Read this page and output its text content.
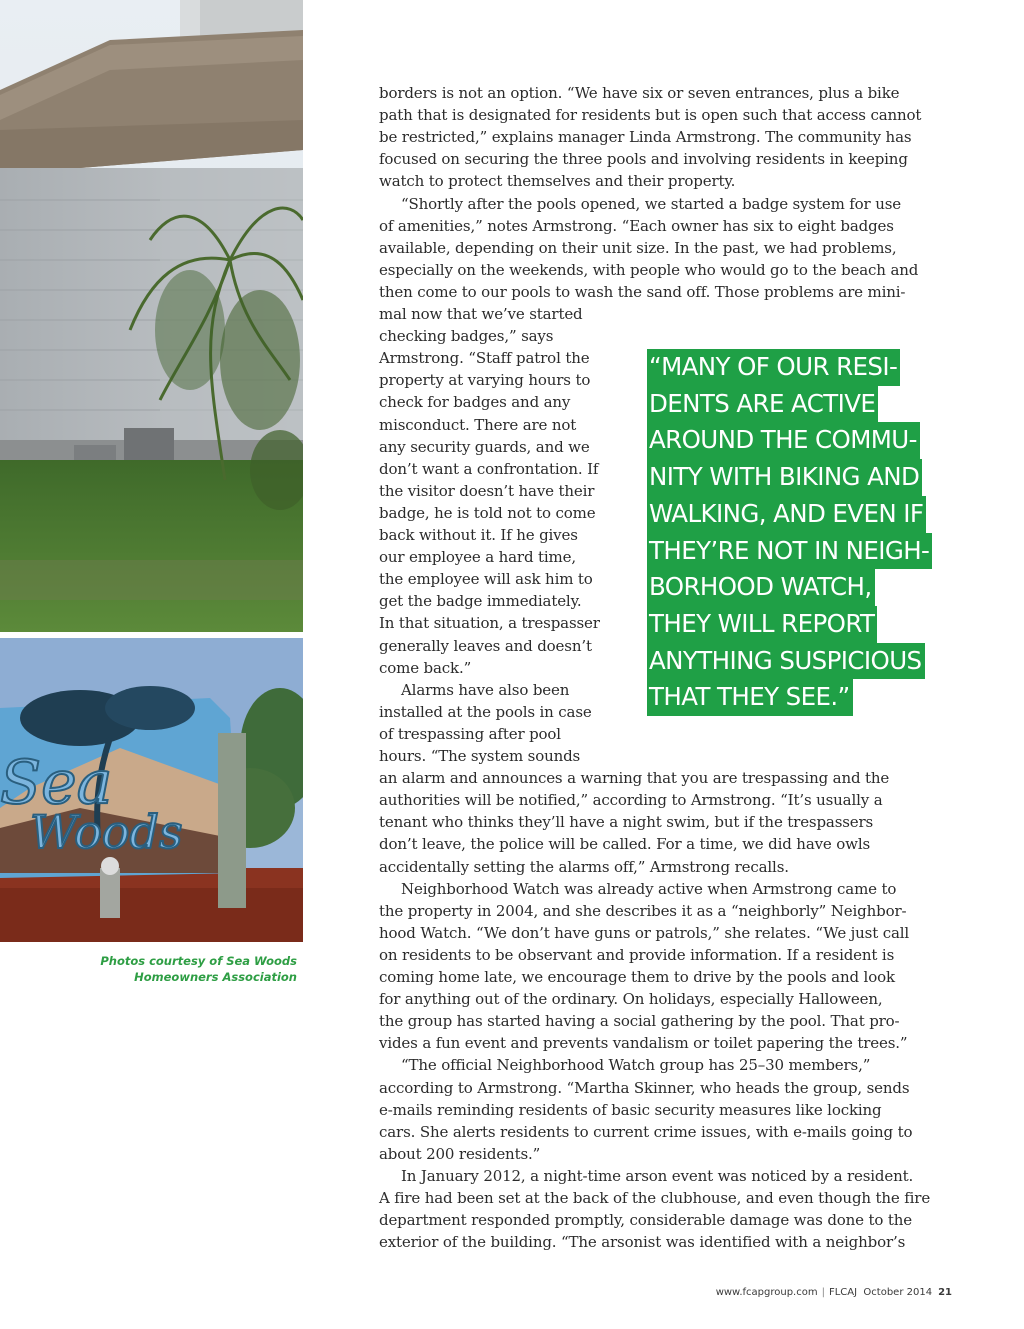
Sea
Woods
Photos courtesy of Sea Woods
Homeowners Association

borders is not an option. “We have six or seven entrances, plus a bike

path that is designated for residents but is open such that access cannot

be restricted,” explains manager Linda Armstrong. The community has

focused on securing the three pools and involving residents in keeping

watch to protect themselves and their property.

“Shortly after the pools opened, we started a badge system for use

of amenities,” notes Armstrong. “Each owner has six to eight badges

available, depending on their unit size. In the past, we had problems,

especially on the weekends, with people who would go to the beach and

then come to our pools to wash the sand off. Those problems are mini-

mal now that we’ve started

checking badges,” says

Armstrong. “Staff patrol the

property at varying hours to

check for badges and any

misconduct. There are not

any security guards, and we

don’t want a confrontation. If

the visitor doesn’t have their

badge, he is told not to come

back without it. If he gives

our employee a hard time,

the employee will ask him to

get the badge immediately.

In that situation, a trespasser

generally leaves and doesn’t

come back.”

Alarms have also been

installed at the pools in case

of trespassing after pool

hours. “The system sounds

an alarm and announces a warning that you are trespassing and the

authorities will be notified,” according to Armstrong. “It’s usually a

tenant who thinks they’ll have a night swim, but if the trespassers

don’t leave, the police will be called. For a time, we did have owls

accidentally setting the alarms off,” Armstrong recalls.

Neighborhood Watch was already active when Armstrong came to

the property in 2004, and she describes it as a “neighborly” Neighbor-

hood Watch. “We don’t have guns or patrols,” she relates. “We just call

on residents to be observant and provide information. If a resident is

coming home late, we encourage them to drive by the pools and look

for anything out of the ordinary. On holidays, especially Halloween,

the group has started having a social gathering by the pool. That pro-

vides a fun event and prevents vandalism or toilet papering the trees.”

“The official Neighborhood Watch group has 25–30 members,”

according to Armstrong. “Martha Skinner, who heads the group, sends

e-mails reminding residents of basic security measures like locking

cars. She alerts residents to current crime issues, with e-mails going to

about 200 residents.”

In January 2012, a night-time arson event was noticed by a resident.

A fire had been set at the back of the clubhouse, and even though the fire

department responded promptly, considerable damage was done to the

exterior of the building. “The arsonist was identified with a neighbor’s

“MANY OF OUR RESI-
DENTS ARE ACTIVE
AROUND THE COMMU-
NITY WITH BIKING AND
WALKING, AND EVEN IF
THEY’RE NOT IN NEIGH-
BORHOOD WATCH,
THEY WILL REPORT
ANYTHING SUSPICIOUS
THAT THEY SEE.”

www.fcapgroup.com | FLCAJ October 2014 21
